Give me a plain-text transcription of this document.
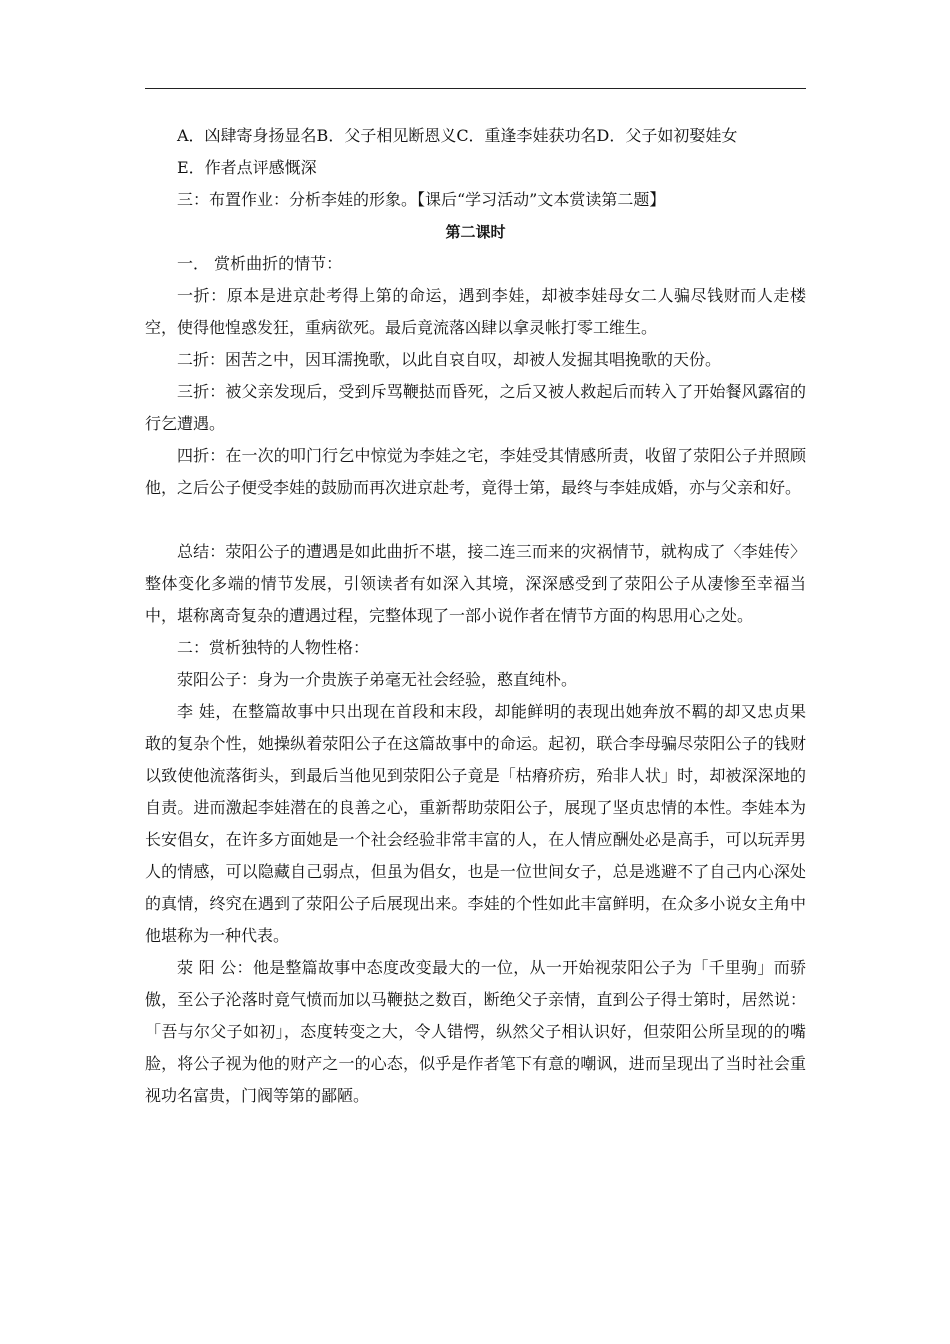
A．凶肆寄身扬显名B．父子相见断恩义C．重逢李娃获功名D．父子如初娶娃女

E．作者点评感慨深

三：布置作业：分析李娃的形象。【课后“学习活动”文本赏读第二题】

第二课时

一． 赏析曲折的情节：

一折：原本是进京赴考得上第的命运，遇到李娃，却被李娃母女二人骗尽钱财而人走楼空，使得他惶惑发狂，重病欲死。最后竟流落凶肆以拿灵帐打零工维生。

二折：困苦之中，因耳濡挽歌，以此自哀自叹，却被人发掘其唱挽歌的天份。

三折：被父亲发现后，受到斥骂鞭挞而昏死，之后又被人救起后而转入了开始餐风露宿的行乞遭遇。

四折：在一次的叩门行乞中惊觉为李娃之宅，李娃受其情感所责，收留了荥阳公子并照顾他，之后公子便受李娃的鼓励而再次进京赴考，竟得士第，最终与李娃成婚，亦与父亲和好。

总结：荥阳公子的遭遇是如此曲折不堪，接二连三而来的灾祸情节，就构成了〈李娃传〉整体变化多端的情节发展，引领读者有如深入其境，深深感受到了荥阳公子从凄惨至幸福当中，堪称离奇复杂的遭遇过程，完整体现了一部小说作者在情节方面的构思用心之处。

二：赏析独特的人物性格：

荥阳公子：身为一介贵族子弟毫无社会经验，憨直纯朴。

李 娃，在整篇故事中只出现在首段和末段，却能鲜明的表现出她奔放不羁的却又忠贞果敢的复杂个性，她操纵着荥阳公子在这篇故事中的命运。起初，联合李母骗尽荥阳公子的钱财以致使他流落街头，到最后当他见到荥阳公子竟是「枯瘠疥疠，殆非人状」时，却被深深地的自责。进而激起李娃潜在的良善之心，重新帮助荥阳公子，展现了坚贞忠情的本性。李娃本为长安倡女，在许多方面她是一个社会经验非常丰富的人，在人情应酬处必是高手，可以玩弄男人的情感，可以隐藏自己弱点，但虽为倡女，也是一位世间女子，总是逃避不了自己内心深处的真情，终究在遇到了荥阳公子后展现出来。李娃的个性如此丰富鲜明，在众多小说女主角中他堪称为一种代表。

荥 阳 公：他是整篇故事中态度改变最大的一位，从一开始视荥阳公子为「千里驹」而骄傲，至公子沦落时竟气愤而加以马鞭挞之数百，断绝父子亲情，直到公子得士第时，居然说：「吾与尔父子如初」，态度转变之大，令人错愕，纵然父子相认识好，但荥阳公所呈现的的嘴脸，将公子视为他的财产之一的心态，似乎是作者笔下有意的嘲讽，进而呈现出了当时社会重视功名富贵，门阀等第的鄙陋。
